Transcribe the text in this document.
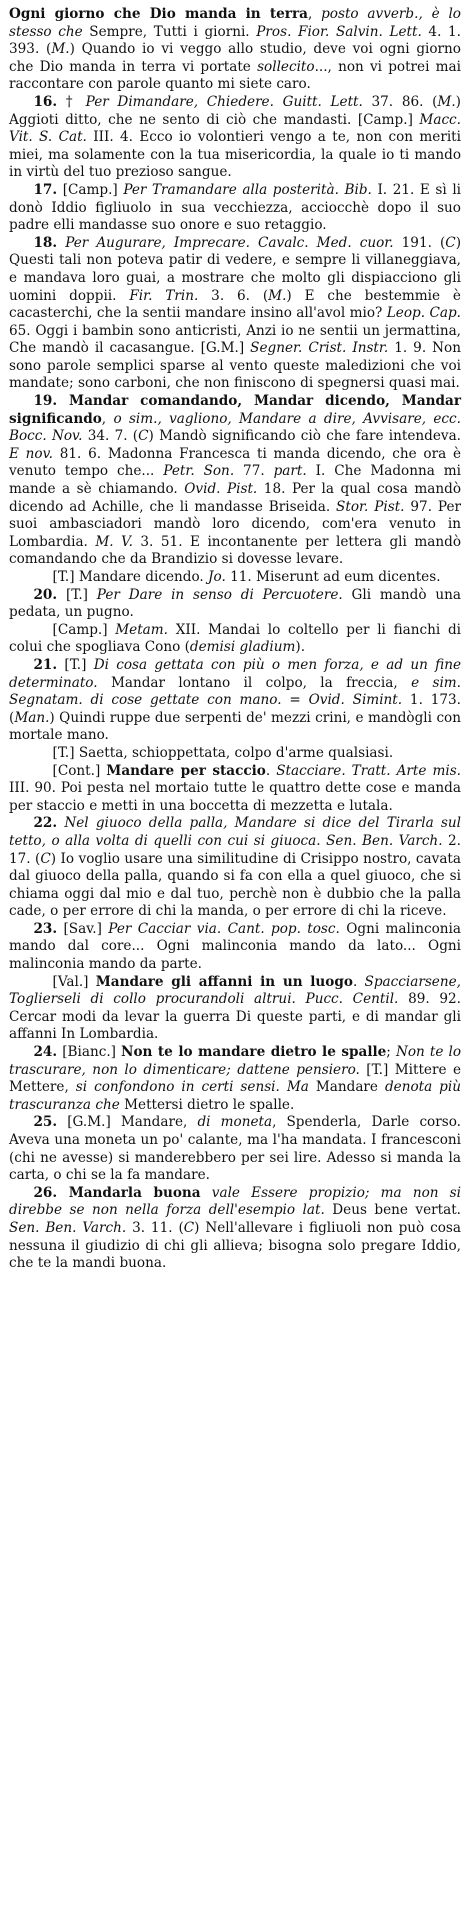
Ogni giorno che Dio manda in terra, posto avverb., è lo stesso che Sempre, Tutti i giorni. Pros. Fior. Salvin. Lett. 4. 1. 393. (M.) Quando io vi veggo allo studio, deve voi ogni giorno che Dio manda in terra vi portate sollecito..., non vi potrei mai raccontare con parole quanto mi siete caro.

16. † Per Dimandare, Chiedere. Guitt. Lett. 37. 86. (M.) Aggioti ditto, che ne sento di ciò che mandasti. [Camp.] Macc. Vit. S. Cat. III. 4. Ecco io volontieri vengo a te, non con meriti miei, ma solamente con la tua misericordia, la quale io ti mando in virtù del tuo prezioso sangue.

17. [Camp.] Per Tramandare alla posterità. Bib. I. 21. E sì li donò Iddio figliuolo in sua vecchiezza, acciocchè dopo il suo padre elli mandasse suo onore e suo retaggio.

18. Per Augurare, Imprecare. Cavalc. Med. cuor. 191. (C) Questi tali non poteva patir di vedere, e sempre li villaneggiava, e mandava loro guai, a mostrare che molto gli dispiacciono gli uomini doppii. Fir. Trin. 3. 6. (M.) E che bestemmie è cacasterchi, che la sentii mandare insino all'avol mio? Leop. Cap. 65. Oggi i bambin sono anticristi, Anzi io ne sentii un jermattina, Che mandò il cacasangue. [G.M.] Segner. Crist. Instr. 1. 9. Non sono parole semplici sparse al vento queste maledizioni che voi mandate; sono carboni, che non finiscono di spegnersi quasi mai.

19. Mandar comandando, Mandar dicendo, Mandar significando, o sim., vagliono, Mandare a dire, Avvisare, ecc. Bocc. Nov. 34. 7. (C) Mandò significando ciò che fare intendeva. E nov. 81. 6. Madonna Francesca ti manda dicendo, che ora è venuto tempo che... Petr. Son. 77. part. I. Che Madonna mi mande a sè chiamando. Ovid. Pist. 18. Per la qual cosa mandò dicendo ad Achille, che li mandasse Briseida. Stor. Pist. 97. Per suoi ambasciadori mandò loro dicendo, com'era venuto in Lombardia. M. V. 3. 51. E incontanente per lettera gli mandò comandando che da Brandizio si dovesse levare.

[T.] Mandare dicendo. Jo. 11. Miserunt ad eum dicentes.

20. [T.] Per Dare in senso di Percuotere. Gli mandò una pedata, un pugno.

[Camp.] Metam. XII. Mandai lo coltello per li fianchi di colui che spogliava Cono (demisi gladium).

21. [T.] Di cosa gettata con più o men forza, e ad un fine determinato. Mandar lontano il colpo, la freccia, e sim. Segnatam. di cose gettate con mano. = Ovid. Simint. 1. 173. (Man.) Quindi ruppe due serpenti de' mezzi crini, e mandògli con mortale mano.

[T.] Saetta, schioppettata, colpo d'arme qualsiasi.

[Cont.] Mandare per staccio. Stacciare. Tratt. Arte mis. III. 90. Poi pesta nel mortaio tutte le quattro dette cose e manda per staccio e metti in una boccetta di mezzetta e lutala.

22. Nel giuoco della palla, Mandare si dice del Tirarla sul tetto, o alla volta di quelli con cui si giuoca. Sen. Ben. Varch. 2. 17. (C) Io voglio usare una similitudine di Crisippo nostro, cavata dal giuoco della palla, quando si fa con ella a quel giuoco, che si chiama oggi dal mio e dal tuo, perchè non è dubbio che la palla cade, o per errore di chi la manda, o per errore di chi la riceve.

23. [Sav.] Per Cacciar via. Cant. pop. tosc. Ogni malinconia mando dal core... Ogni malinconia mando da lato... Ogni malinconia mando da parte.

[Val.] Mandare gli affanni in un luogo. Spacciarsene, Toglierseli di collo procurandoli altrui. Pucc. Centil. 89. 92. Cercar modi da levar la guerra Di queste parti, e di mandar gli affanni In Lombardia.

24. [Bianc.] Non te lo mandare dietro le spalle; Non te lo trascurare, non lo dimenticare; dattene pensiero. [T.] Mittere e Mettere, si confondono in certi sensi. Ma Mandare denota più trascuranza che Mettersi dietro le spalle.

25. [G.M.] Mandare, di moneta, Spenderla, Darle corso. Aveva una moneta un po' calante, ma l'ha mandata. I francesconi (chi ne avesse) si manderebbero per sei lire. Adesso si manda la carta, o chi se la fa mandare.

26. Mandarla buona vale Essere propizio; ma non si direbbe se non nella forza dell'esempio lat. Deus bene vertat. Sen. Ben. Varch. 3. 11. (C) Nell'allevare i figliuoli non può cosa nessuna il giudizio di chi gli allieva; bisogna solo pregare Iddio, che te la mandi buona.
